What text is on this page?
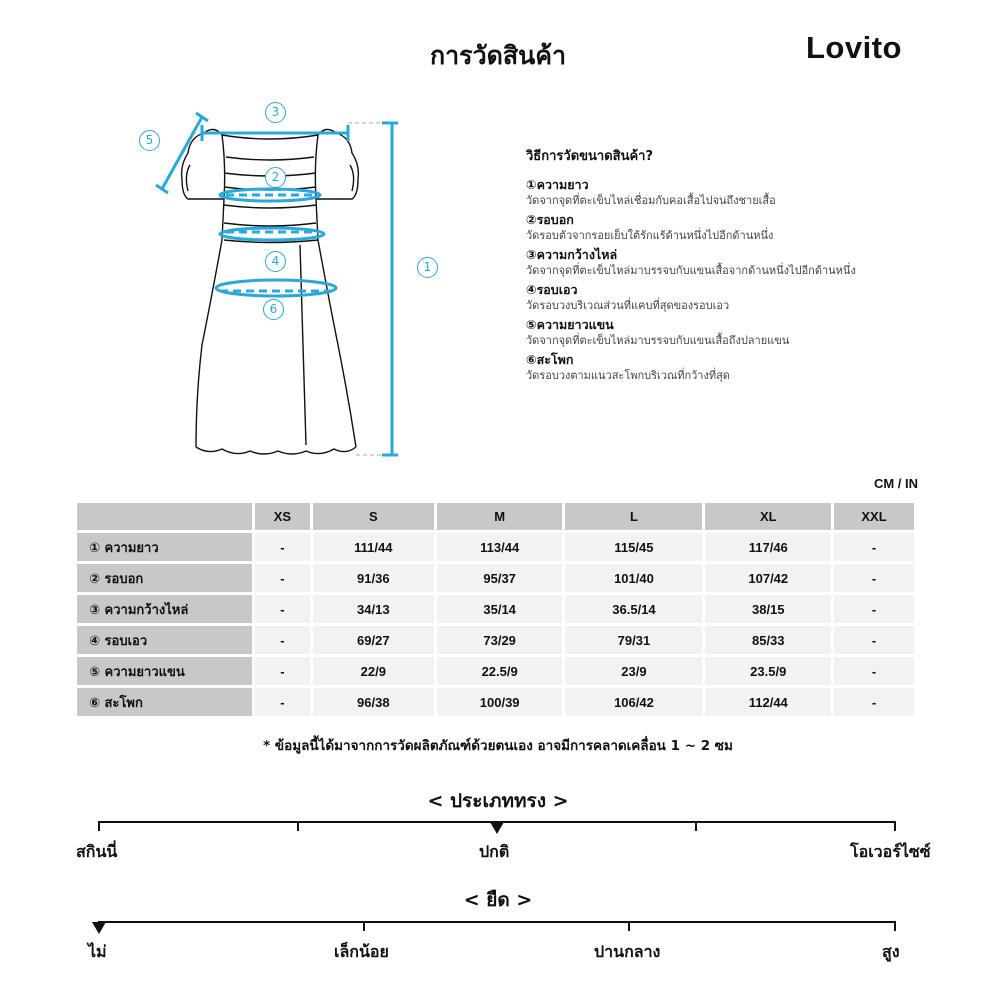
การวัดสินค้า	Lovito
3
5
2
4
6
1
วิธีการวัดขนาดสินค้า?
①ความยาว
วัดจากจุดที่ตะเข็บไหล่เชื่อมกับคอเสื้อไปจนถึงชายเสื้อ
②รอบอก
วัดรอบตัวจากรอยเย็บใต้รักแร้ด้านหนึ่งไปอีกด้านหนึ่ง
③ความกว้างไหล่
วัดจากจุดที่ตะเข็บไหล่มาบรรจบกับแขนเสื้อจากด้านหนึ่งไปอีกด้านหนึ่ง
④รอบเอว
วัดรอบวงบริเวณส่วนที่แคบที่สุดของรอบเอว
⑤ความยาวแขน
วัดจากจุดที่ตะเข็บไหล่มาบรรจบกับแขนเสื้อถึงปลายแขน
⑥สะโพก
วัดรอบวงตามแนวสะโพกบริเวณที่กว้างที่สุด
CM / IN
	XS	S	M	L	XL	XXL
① ความยาว	-	111/44	113/44	115/45	117/46	-
② รอบอก	-	91/36	95/37	101/40	107/42	-
③ ความกว้างไหล่	-	34/13	35/14	36.5/14	38/15	-
④ รอบเอว	-	69/27	73/29	79/31	85/33	-
⑤ ความยาวแขน	-	22/9	22.5/9	23/9	23.5/9	-
⑥ สะโพก	-	96/38	100/39	106/42	112/44	-
* ข้อมูลนี้ได้มาจากการวัดผลิตภัณฑ์ด้วยตนเอง อาจมีการคลาดเคลื่อน 1 ~ 2 ซม
< ประเภททรง >
สกินนี่	ปกติ	โอเวอร์ไซซ์
< ยืด >
ไม่	เล็กน้อย	ปานกลาง	สูง
